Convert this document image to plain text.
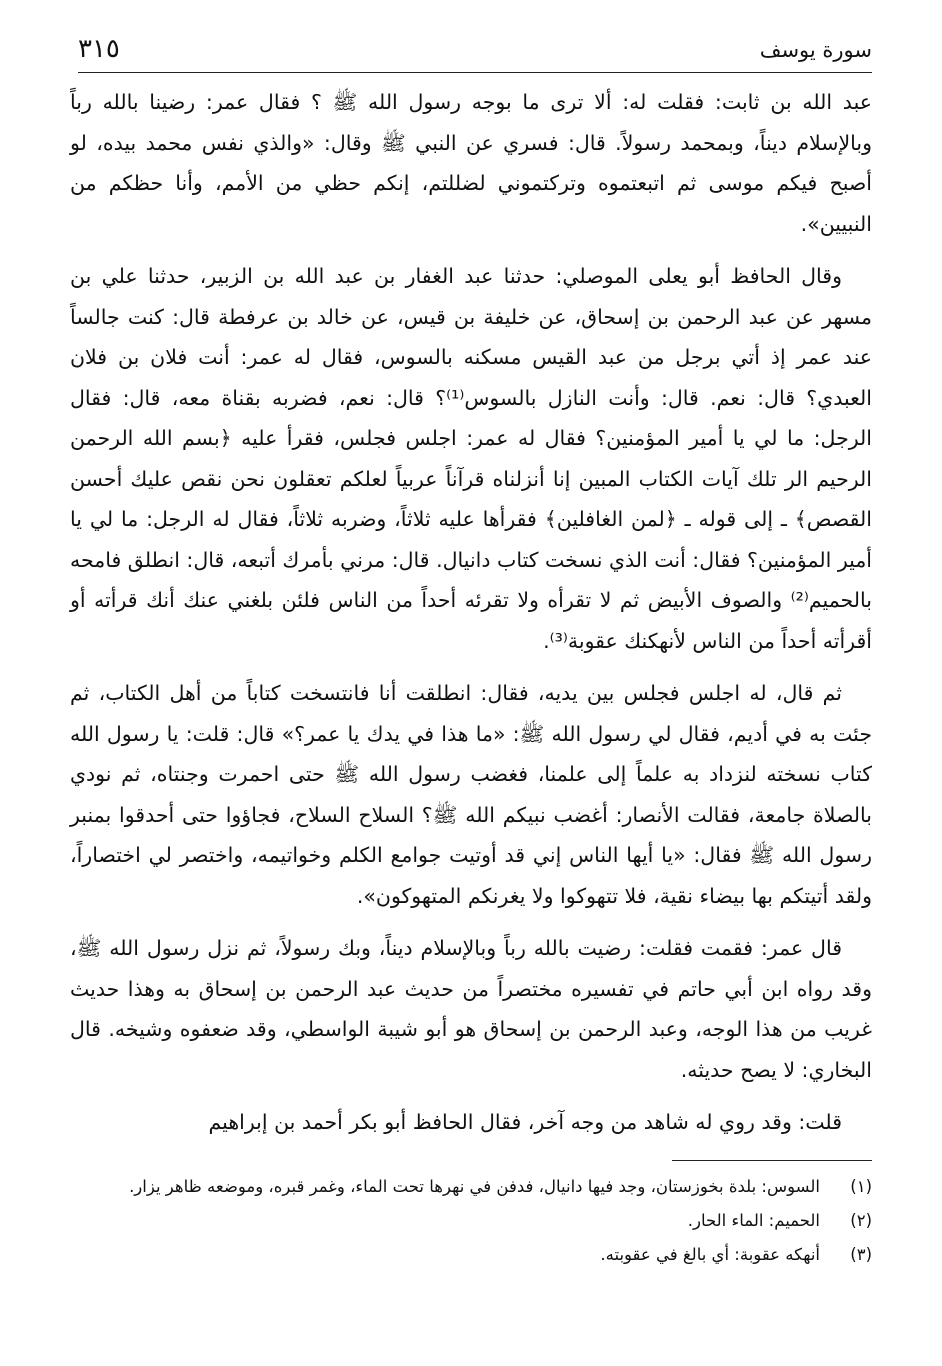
سورة يوسف
٣١٥

عبد الله بن ثابت: فقلت له: ألا ترى ما بوجه رسول الله ﷺ ؟ فقال عمر: رضينا بالله رباً وبالإسلام ديناً، وبمحمد رسولاً. قال: فسري عن النبي ﷺ وقال: «والذي نفس محمد بيده، لو أصبح فيكم موسى ثم اتبعتموه وتركتموني لضللتم، إنكم حظي من الأمم، وأنا حظكم من النبيين».

وقال الحافظ أبو يعلى الموصلي: حدثنا عبد الغفار بن عبد الله بن الزبير، حدثنا علي بن مسهر عن عبد الرحمن بن إسحاق، عن خليفة بن قيس، عن خالد بن عرفطة قال: كنت جالساً عند عمر إذ أتي برجل من عبد القيس مسكنه بالسوس، فقال له عمر: أنت فلان بن فلان العبدي؟ قال: نعم. قال: وأنت النازل بالسوس⁽¹⁾؟ قال: نعم، فضربه بقناة معه، قال: فقال الرجل: ما لي يا أمير المؤمنين؟ فقال له عمر: اجلس فجلس، فقرأ عليه ﴿بسم الله الرحمن الرحيم الر تلك آيات الكتاب المبين إنا أنزلناه قرآناً عربياً لعلكم تعقلون نحن نقص عليك أحسن القصص﴾ ـ إلى قوله ـ ﴿لمن الغافلين﴾ فقرأها عليه ثلاثاً، وضربه ثلاثاً، فقال له الرجل: ما لي يا أمير المؤمنين؟ فقال: أنت الذي نسخت كتاب دانيال. قال: مرني بأمرك أتبعه، قال: انطلق فامحه بالحميم⁽²⁾ والصوف الأبيض ثم لا تقرأه ولا تقرئه أحداً من الناس فلئن بلغني عنك أنك قرأته أو أقرأته أحداً من الناس لأنهكنك عقوبة⁽³⁾.

ثم قال، له اجلس فجلس بين يديه، فقال: انطلقت أنا فانتسخت كتاباً من أهل الكتاب، ثم جئت به في أديم، فقال لي رسول الله ﷺ: «ما هذا في يدك يا عمر؟» قال: قلت: يا رسول الله كتاب نسخته لنزداد به علماً إلى علمنا، فغضب رسول الله ﷺ حتى احمرت وجنتاه، ثم نودي بالصلاة جامعة، فقالت الأنصار: أغضب نبيكم الله ﷺ؟ السلاح السلاح، فجاؤوا حتى أحدقوا بمنبر رسول الله ﷺ فقال: «يا أيها الناس إني قد أوتيت جوامع الكلم وخواتيمه، واختصر لي اختصاراً، ولقد أتيتكم بها بيضاء نقية، فلا تتهوكوا ولا يغرنكم المتهوكون».

قال عمر: فقمت فقلت: رضيت بالله رباً وبالإسلام ديناً، وبك رسولاً، ثم نزل رسول الله ﷺ، وقد رواه ابن أبي حاتم في تفسيره مختصراً من حديث عبد الرحمن بن إسحاق به وهذا حديث غريب من هذا الوجه، وعبد الرحمن بن إسحاق هو أبو شيبة الواسطي، وقد ضعفوه وشيخه. قال البخاري: لا يصح حديثه.

قلت: وقد روي له شاهد من وجه آخر، فقال الحافظ أبو بكر أحمد بن إبراهيم

(١)
السوس: بلدة بخوزستان، وجد فيها دانيال، فدفن في نهرها تحت الماء، وغمر قبره، وموضعه ظاهر يزار.
(٢)
الحميم: الماء الحار.
(٣)
أنهكه عقوبة: أي بالغ في عقوبته.
